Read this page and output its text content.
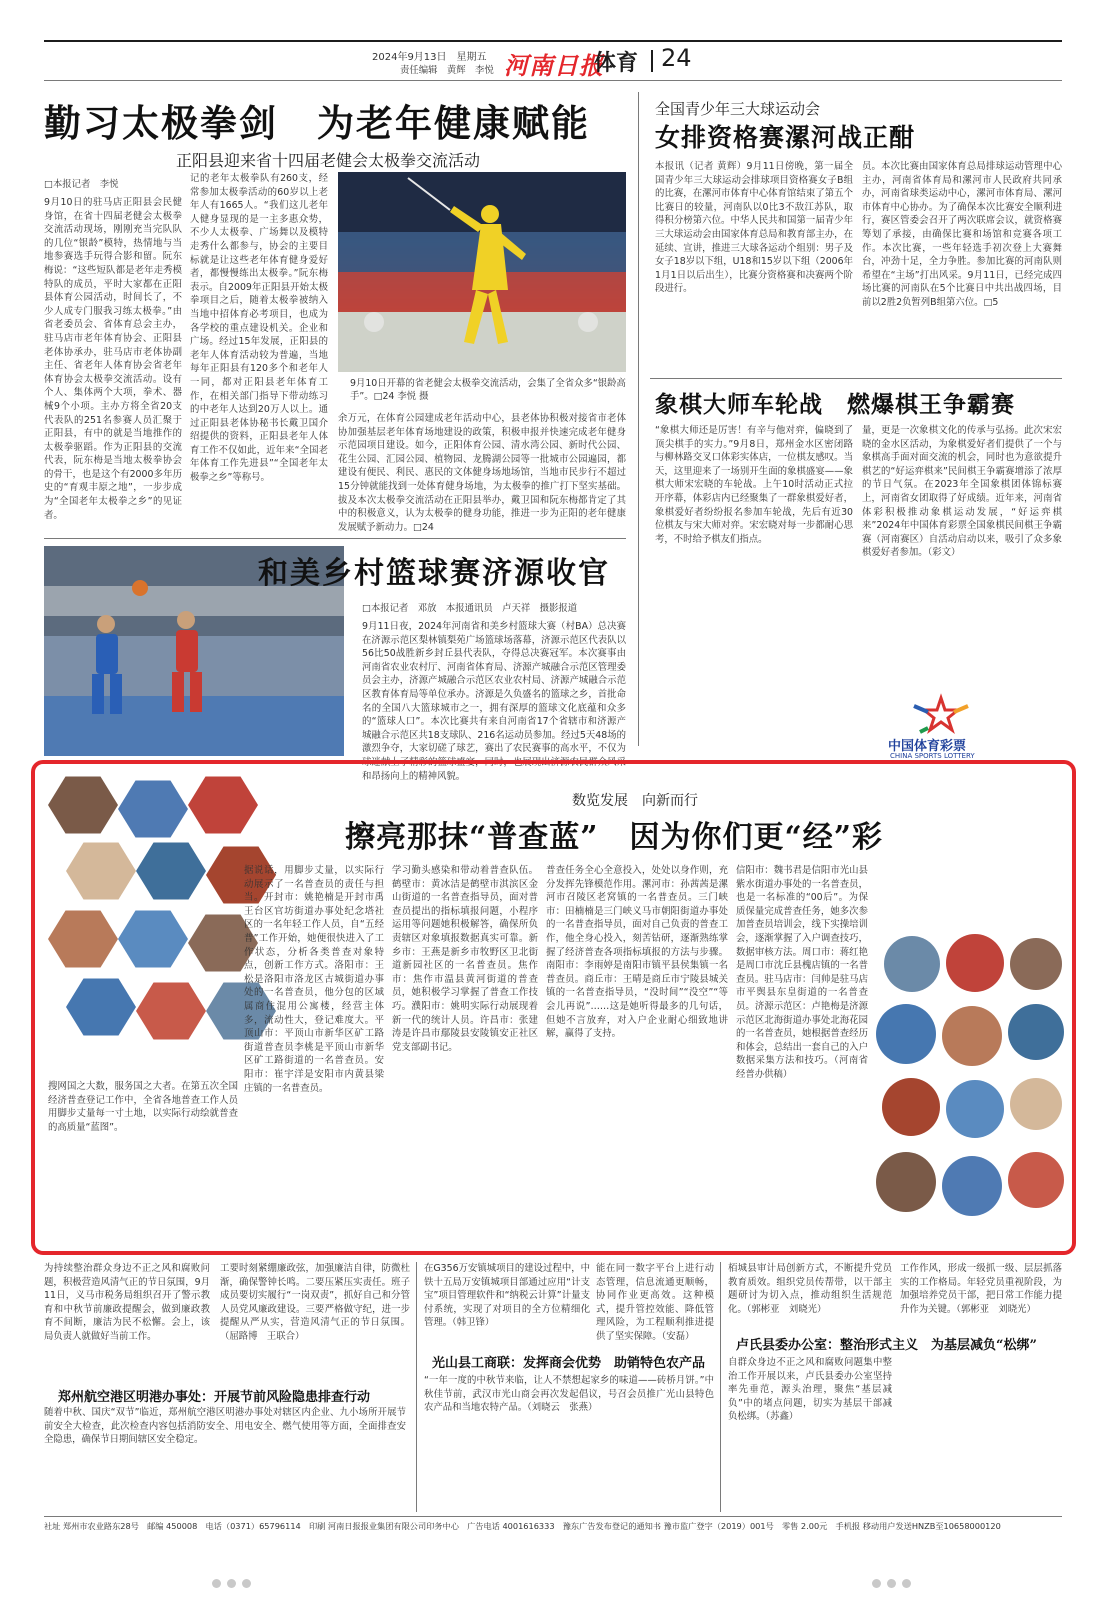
2024年9月13日　星期五
责任编辑　黄辉　李悦 河南日报
体育 24
勤习太极拳剑　为老年健康赋能
正阳县迎来省十四届老健会太极拳交流活动
□本报记者　李悦
9月10日的驻马店正阳县会民健身馆，在省十四届老健会太极拳交流活动现场，刚刚充当完队队的几位“银龄”模特，热情地与当地参赛选手玩得合影和留。阮东梅说：“这些短队都是老年走秀模特队的成员，平时大家都在正阳县体育公园活动，时间长了，不少人成专门服我习练太极拳。”由省老委员会、省体育总会主办，驻马店市老年体育协会、正阳县老体协承办，驻马店市老体协副主任、省老年人体育协会省老年体育协会太极拳交流活动。设有个人、集体两个大项，拳术、器械9个小项。主办方将全省20支代表队的251名参赛人员汇聚于正阳县，有中的就是当地推作的太极拳驱蹈。作为正阳县的交流代表，阮东梅是当地太极拳协会的骨干，也是这个有2000多年历史的“育观丰原之地”，一步步成为“全国老年太极拳之乡”的见证者。
记的老年太极拳队有260支，经常参加太极拳活动的60岁以上老年人有1665人。“我们这儿老年人健身显现的是一主多惠众势，不少人太极拳、广场舞以及模特走秀什么都参与，协会的主要目标就是让这些老年体育健身爱好者，都慢慢练出太极拳。”阮东梅表示。自2009年正阳县开始太极拳项目之后，随着太极拳被纳入当地中招体育必考项目，也成为各学校的重点建设机关。企业和广场。经过15年发展，正阳县的老年人体育活动较为普遍，当地每年正阳县有120多个和老年人一同，都对正阳县老年体育工作，在相关部门指导下带动练习的中老年人达到20万人以上。通过正阳县老体协秘书长戴卫国介绍提供的资料，正阳县老年人体育工作不仅如此，近年来“全国老年体育工作先进县”“全国老年太极拳之乡”等称号。
9月10日开幕的省老健会太极拳交流活动，会集了全省众多“银龄高手”。□24 李悦 摄
余万元，在体育公园建成老年活动中心，县老体协积极对接省市老体协加强基层老年体育场地建设的政策，积极申报并快速完成老年健身示范园项目建设。如今，正阳体育公园、清水湾公园、新时代公园、花生公园、汇园公园、植物园、龙腾湖公园等一批城市公园遍园，都建设有便民、利民、惠民的文体健身场地场馆，当地市民步行不超过15分钟就能找到一处体育健身场地，为太极拳的推广打下坚实基础。拔及本次太极拳交流活动在正阳县举办，戴卫国和阮东梅都肯定了其中的积极意义，认为太极拳的健身功能，推进一步为正阳的老年健康发展赋予新动力。□24
全国青少年三大球运动会
女排资格赛漯河战正酣
本报讯（记者 黄辉）9月11日傍晚，第一届全国青少年三大球运动会排球项目资格赛女子B组的比赛，在漯河市体育中心体育馆结束了第五个比赛日的较量，河南队以0比3不敌江苏队，取得积分榜第六位。中华人民共和国第一届青少年三大球运动会由国家体育总局和教育部主办，在延续、宣讲，推进三大球各运动个组别：男子及女子18岁以下组，U18和15岁以下组（2006年1月1日以后出生），比赛分资格赛和决赛两个阶段进行。
员。本次比赛由国家体育总局排球运动管理中心主办，河南省体育局和漯河市人民政府共同承办，河南省球类运动中心，漯河市体育局、漯河市体育中心协办。为了确保本次比赛安全顺利进行，赛区管委会召开了两次联席会议，就资格赛筹划了承接，由确保比赛和场馆和竞赛各项工作。本次比赛，一些年轻选手初次登上大赛舞台，冲劲十足，全力争胜。参加比赛的河南队则希望在“主场”打出风采。9月11日，已经完成四场比赛的河南队在5个比赛日中共出战四场，目前以2胜2负暂列B组第六位。□5
象棋大师车轮战　燃爆棋王争霸赛
“象棋大师还是厉害！有辛与他对弈，偏晓到了顶尖棋手的实力。”9月8日，郑州金水区密闭路与柳林路交叉口体彩实体店，一位棋友感叹。当天，这里迎来了一场别开生面的象棋盛宴——象棋大师宋宏晓的车轮战。上午10时活动正式拉开序幕，体彩店内已经聚集了一群象棋爱好者，象棋爱好者纷纷报名参加车轮战，先后有近30位棋友与宋大师对弈。宋宏晓对每一步都耐心思考，不时给予棋友们指点。
量，更是一次象棋文化的传承与弘扬。此次宋宏晓的金水区活动，为象棋爱好者们提供了一个与象棋高手面对面交流的机会，同时也为意欲提升棋艺的“好运弈棋来”民间棋王争霸赛增添了浓厚的节日气氛。在2023年全国象棋团体锦标赛上，河南省女团取得了好成绩。近年来，河南省体彩积极推动象棋运动发展，“好运弈棋来”2024年中国体育彩票全国象棋民间棋王争霸赛（河南赛区）自活动启动以来，吸引了众多象棋爱好者参加。（彩文）
中国体育彩票
CHINA SPORTS LOTTERY
和美乡村篮球赛济源收官
□本报记者　邓放　本报通讯员　卢天祥　摄影报道
9月11日夜，2024年河南省和美乡村篮球大赛（村BA）总决赛在济源示范区梨林镇梨苑广场篮球场落幕，济源示范区代表队以56比50战胜新乡封丘县代表队，夺得总决赛冠军。本次赛事由河南省农业农村厅、河南省体育局、济源产城融合示范区管理委员会主办，济源产城融合示范区农业农村局、济源产城融合示范区教育体育局等单位承办。济源是久负盛名的篮球之乡，首批命名的全国八大篮球城市之一，拥有深厚的篮球文化底蕴和众多的“篮球人口”。本次比赛共有来自河南省17个省辖市和济源产城融合示范区共18支球队、216名运动员参加。经过5天48场的激烈争夺，大家切磋了球艺，赛出了农民赛事的高水平，不仅为球迷献上了精彩的篮球盛宴，同时，也展现出济源农民群众风采和昂扬向上的精神风貌。
数览发展　向新而行
擦亮那抹“普查蓝”　因为你们更“经”彩
搜网国之大数，服务国之大者。在第五次全国经济普查登记工作中，全省各地普查工作人员用脚步丈量每一寸土地，以实际行动绘就普查的高质量“蓝图”。
据说话，用脚步丈量，以实际行动展示了一名普查员的责任与担当。开封市：姚艳楠是开封市禹王台区官坊街道办事处纪念塔社区的一名年轻工作人员，自“五经普”工作开始，她便很快进入了工作状态，分析各类普查对象特点，创新工作方式。洛阳市：王松是洛阳市洛龙区古城街道办事处的一名普查员，他分包的区域属商住混用公寓楼，经营主体多，流动性大，登记难度大。平顶山市：平顶山市新华区矿工路街道普查员李桃是平顶山市新华区矿工路街道的一名普查员。安阳市：崔宇洋是安阳市内黄县梁庄镇的一名普查员。
学习勤头感染和带动着普查队伍。鹤壁市：黄冰洁是鹤壁市淇滨区金山街道的一名普查指导员，面对普查员提出的指标填报问题，小程序运用等问题她积极解答，确保所负责辖区对象填报数据真实可靠。新乡市：王燕是新乡市牧野区卫北街道新园社区的一名普查员。焦作市：焦作市温县黄河街道的普查员，她积极学习掌握了普查工作技巧。濮阳市：姚明实际行动展现着新一代的统计人员。许昌市：张建涛是许昌市鄢陵县安陵镇安正社区党支部副书记。
普查任务全心全意投入，处处以身作则，充分发挥先锋模范作用。漯河市：孙茜茜是漯河市召陵区老窝镇的一名普查员。三门峡市：田楠楠是三门峡义马市朝阳街道办事处的一名普查指导员，面对自己负责的普查工作，他全身心投入，刻苦钻研，逐渐熟练掌握了经济普查各项指标填报的方法与步骤。南阳市：李雨婷是南阳市镇平县侯集镇一名普查员。商丘市：王晴是商丘市宁陵县城关镇的一名普查指导员，“没时间”“没空”“等会儿再说”……这是她听得最多的几句话，但她不言放弃，对入户企业耐心细致地讲解，赢得了支持。
信阳市：魏书君是信阳市光山县紫水街道办事处的一名普查员，也是一名标准的“00后”。为保质保量完成普查任务，她多次参加普查员培训会，线下实操培训会，逐渐掌握了入户调查技巧，数据审核方法。周口市：蒋红艳是周口市沈丘县槐店镇的一名普查员。驻马店市：闫帅是驻马店市平舆县东皇街道的一名普查员。济源示范区：卢艳梅是济源示范区北海街道办事处北海花园的一名普查员，她根据普查经历和体会，总结出一套自己的入户数据采集方法和技巧。（河南省经普办供稿）
为持续整治群众身边不正之风和腐败问题，积极营造风清气正的节日氛围，9月11日，义马市税务局组织召开了警示教育和中秋节前廉政提醒会，做到廉政教育不间断，廉洁为民不松懈。会上，该局负责人就做好当前工作。
郑州航空港区明港办事处：开展节前风险隐患排查行动
随着中秋、国庆“双节”临近，郑州航空港区明港办事处对辖区内企业、九小场所开展节前安全大检查，此次检查内容包括消防安全、用电安全、燃气使用等方面，全面排查安全隐患，确保节日期间辖区安全稳定。
工要时刻紧绷廉政弦，加强廉洁自律，防微杜渐，确保警钟长鸣。二要压紧压实责任。班子成员要切实履行“一岗双责”，抓好自己和分管人员党风廉政建设。三要严格做守纪，进一步提醒从严从实，营造风清气正的节日氛围。（屈路博　王联合）
在G356万安镇城项目的建设过程中，中铁十五局万安镇城项目部通过应用“计支宝”项目管理软件和“纳税云计算”计量支付系统，实现了对项目的全方位精细化管理。（韩卫锋）
光山县工商联：发挥商会优势　助销特色农产品
“一年一度的中秋节来临，让人不禁想起家乡的味道——砖桥月饼。”中秋佳节前，武汉市光山商会再次发起倡议，号召会员推广光山县特色农产品和当地农特产品。（刘晓云　张燕）
能在同一数字平台上进行动态管理，信息流通更顺畅，协同作业更高效。这种模式，提升管控效能、降低管理风险，为工程顺利推进提供了坚实保障。（安磊）
栢城县审计局创新方式，不断提升党员教育质效。组织党员传帮带，以干部主题研讨为切入点，推动组织生活规范化。（郭彬亚　刘晓光）
卢氏县委办公室：整治形式主义　为基层减负“松绑”
自群众身边不正之风和腐败问题集中整治工作开展以来，卢氏县委办公室坚持率先垂范，源头治理，聚焦“基层减负”中的堵点问题，切实为基层干部减负松绑。（苏鑫）
工作作风，形成一级抓一级、层层抓落实的工作格局。年轻党员重视阶段，为加强培养党员干部，把日常工作能力提升作为关键。（郭彬亚　刘晓光）
社址 郑州市农业路东28号　邮编 450008　电话（0371）65796114　印刷 河南日报报业集团有限公司印务中心　广告电话 4001616333　豫东广告发布登记的通知书 豫市监广登字（2019）001号　零售 2.00元　手机报 移动用户发送HNZB至10658000120
